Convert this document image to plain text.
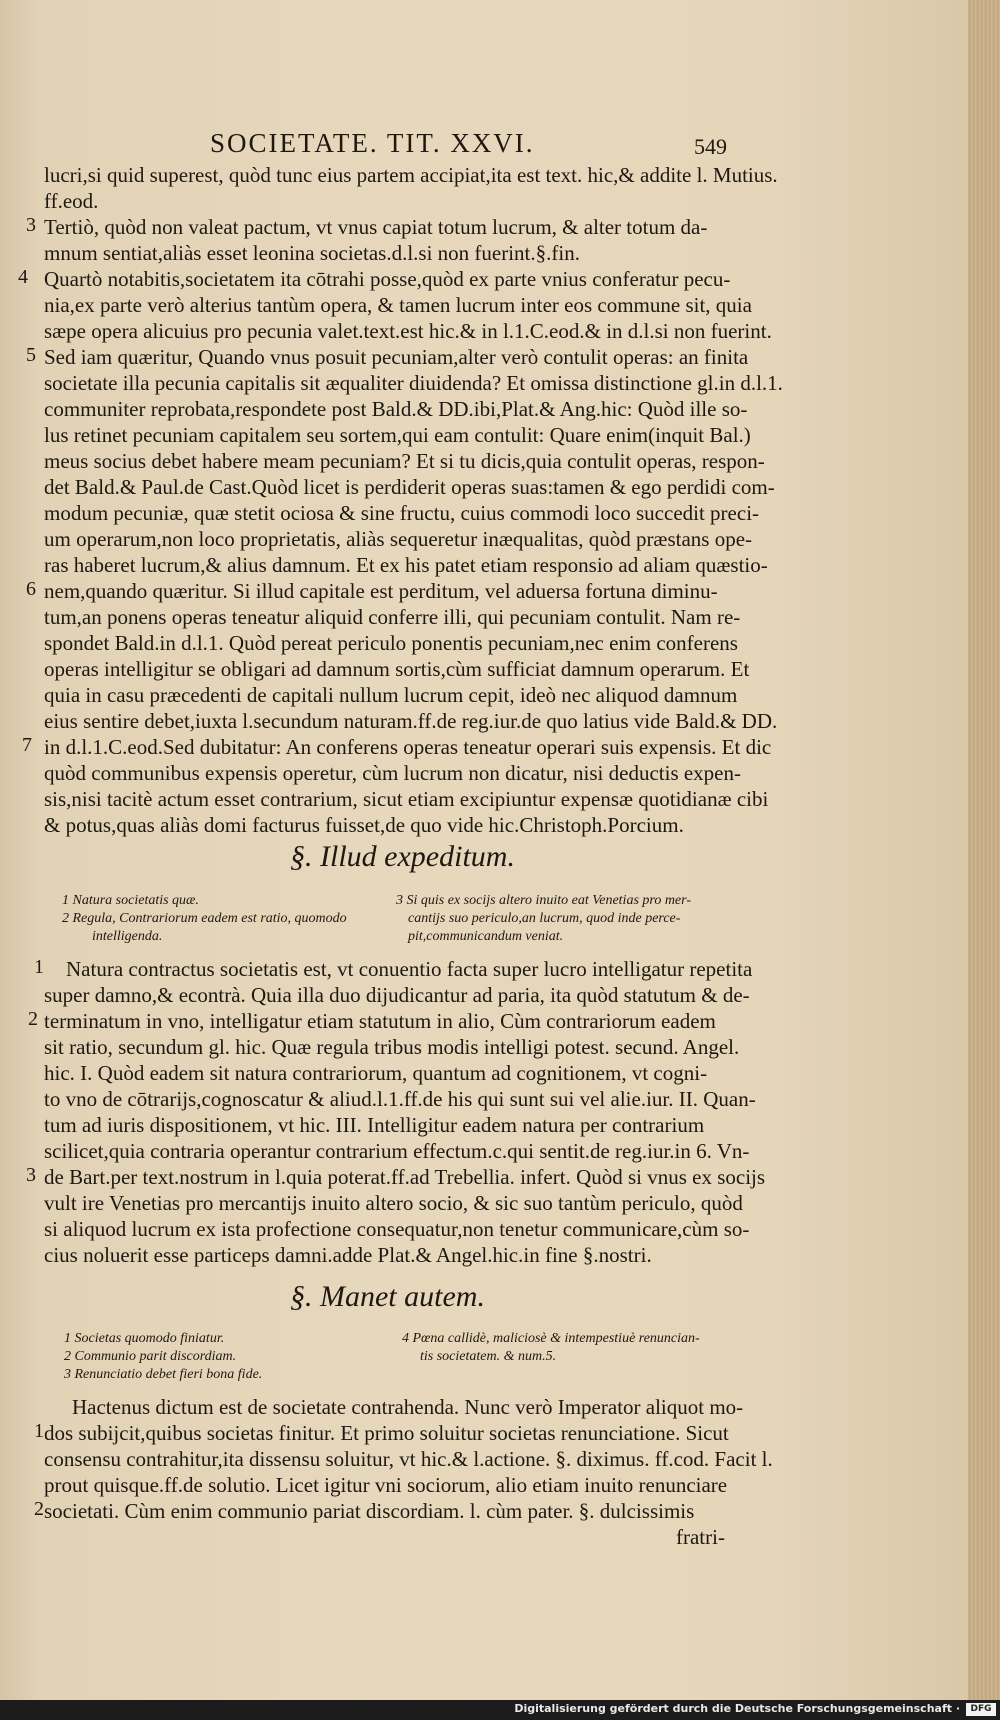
SOCIETATE. TIT. XXVI.	549
lucri,si quid superest, quòd tunc eius partem accipiat,ita est text. hic,& addite l. Mutius.
ff.eod.
Tertiò, quòd non valeat pactum, vt vnus capiat totum lucrum, & alter totum da-
mnum sentiat,aliàs esset leonina societas.d.l.si non fuerint.§.fin.
Quartò notabitis,societatem ita cōtrahi posse,quòd ex parte vnius conferatur pecu-
nia,ex parte verò alterius tantùm opera, & tamen lucrum inter eos commune sit, quia
sæpe opera alicuius pro pecunia valet.text.est hic.& in l.1.C.eod.& in d.l.si non fuerint.
Sed iam quæritur, Quando vnus posuit pecuniam,alter verò contulit operas: an finita
societate illa pecunia capitalis sit æqualiter diuidenda? Et omissa distinctione gl.in d.l.1.
communiter reprobata,respondete post Bald.& DD.ibi,Plat.& Ang.hic: Quòd ille so-
lus retinet pecuniam capitalem seu sortem,qui eam contulit: Quare enim(inquit Bal.)
meus socius debet habere meam pecuniam? Et si tu dicis,quia contulit operas, respon-
det Bald.& Paul.de Cast.Quòd licet is perdiderit operas suas:tamen & ego perdidi com-
modum pecuniæ, quæ stetit ociosa & sine fructu, cuius commodi loco succedit preci-
um operarum,non loco proprietatis, aliàs sequeretur inæqualitas, quòd præstans ope-
ras haberet lucrum,& alius damnum. Et ex his patet etiam responsio ad aliam quæstio-
nem,quando quæritur. Si illud capitale est perditum, vel aduersa fortuna diminu-
tum,an ponens operas teneatur aliquid conferre illi, qui pecuniam contulit. Nam re-
spondet Bald.in d.l.1. Quòd pereat periculo ponentis pecuniam,nec enim conferens
operas intelligitur se obligari ad damnum sortis,cùm sufficiat damnum operarum. Et
quia in casu præcedenti de capitali nullum lucrum cepit, ideò nec aliquod damnum
eius sentire debet,iuxta l.secundum naturam.ff.de reg.iur.de quo latius vide Bald.& DD.
in d.l.1.C.eod.Sed dubitatur: An conferens operas teneatur operari suis expensis. Et dic
quòd communibus expensis operetur, cùm lucrum non dicatur, nisi deductis expen-
sis,nisi tacitè actum esset contrarium, sicut etiam excipiuntur expensæ quotidianæ cibi
& potus,quas aliàs domi facturus fuisset,de quo vide hic.Christoph.Porcium.
3
4
5
6
7
§. Illud expeditum.
1 Natura societatis quæ.
2 Regula, Contrariorum eadem est ratio, quomodo
intelligenda.
3 Si quis ex socijs altero inuito eat Venetias pro mer-
cantijs suo periculo,an lucrum, quod inde perce-
pit,communicandum veniat.
Natura contractus societatis est, vt conuentio facta super lucro intelligatur repetita
super damno,& econtrà. Quia illa duo dijudicantur ad paria, ita quòd statutum & de-
terminatum in vno, intelligatur etiam statutum in alio, Cùm contrariorum eadem
sit ratio, secundum gl. hic. Quæ regula tribus modis intelligi potest. secund. Angel.
hic. I. Quòd eadem sit natura contrariorum, quantum ad cognitionem, vt cogni-
to vno de cōtrarijs,cognoscatur & aliud.l.1.ff.de his qui sunt sui vel alie.iur. II. Quan-
tum ad iuris dispositionem, vt hic. III. Intelligitur eadem natura per contrarium
scilicet,quia contraria operantur contrarium effectum.c.qui sentit.de reg.iur.in 6. Vn-
de Bart.per text.nostrum in l.quia poterat.ff.ad Trebellia. infert. Quòd si vnus ex socijs
vult ire Venetias pro mercantijs inuito altero socio, & sic suo tantùm periculo, quòd
si aliquod lucrum ex ista profectione consequatur,non tenetur communicare,cùm so-
cius noluerit esse particeps damni.adde Plat.& Angel.hic.in fine §.nostri.
1
2
3
§. Manet autem.
1 Societas quomodo finiatur.
2 Communio parit discordiam.
3 Renunciatio debet fieri bona fide.
4 Pœna callidè, maliciosè & intempestiuè renuncian-
tis societatem. & num.5.
Hactenus dictum est de societate contrahenda. Nunc verò Imperator aliquot mo-
dos subijcit,quibus societas finitur. Et primo soluitur societas renunciatione. Sicut
consensu contrahitur,ita dissensu soluitur, vt hic.& l.actione. §. diximus. ff.cod. Facit l.
prout quisque.ff.de solutio. Licet igitur vni sociorum, alio etiam inuito renunciare
societati. Cùm enim communio pariat discordiam. l. cùm pater. §. dulcissimis
fratri-
1
2
Digitalisierung gefördert durch die Deutsche Forschungsgemeinschaft ·	DFG
